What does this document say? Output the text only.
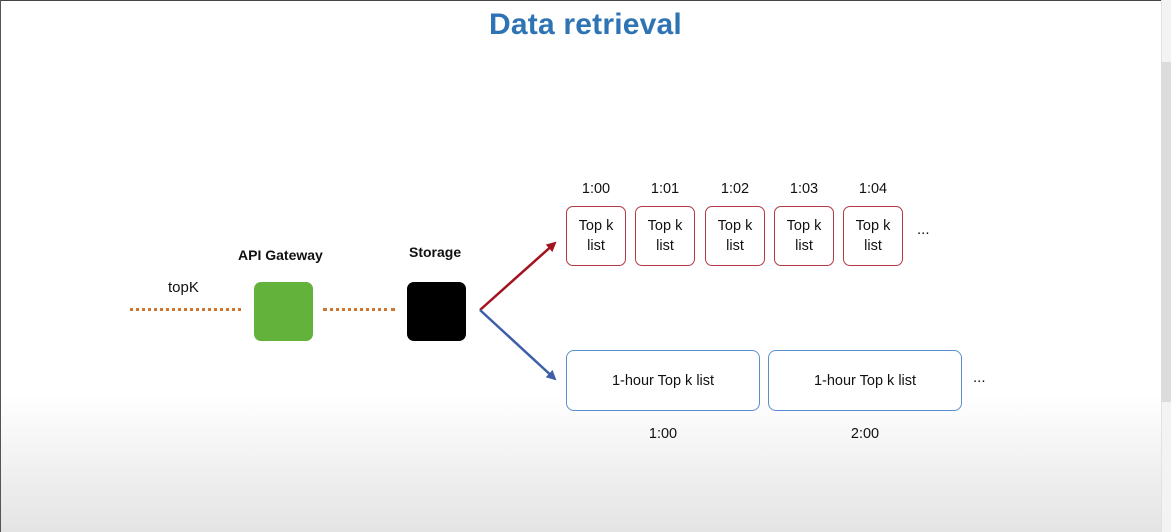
Data retrieval
topK
API Gateway	Storage
1:00	1:01	1:02	1:03	1:04
Top k list
Top k list
Top k list
Top k list
Top k list
...
1-hour Top k list	1-hour Top k list	...
1:00	2:00
